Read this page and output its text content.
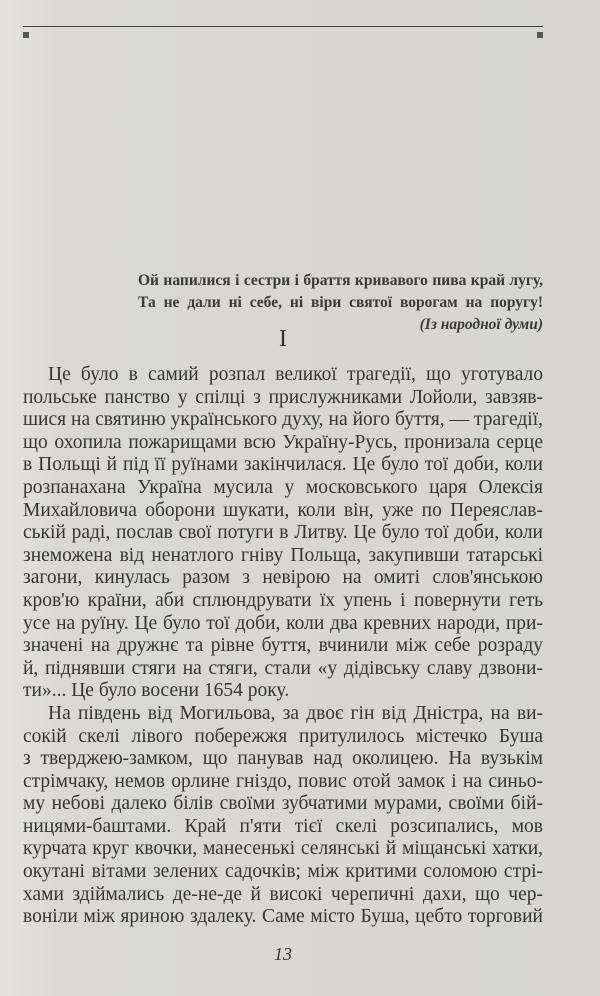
Ой напилися і сестри і браття кривавого пива край лугу,
Та не дали ні себе, ні віри святої ворогам на поругу!
(Із народної думи)
I
Це було в самий розпал великої трагедії, що уготувало
польське панство у спілці з прислужниками Лойоли, завзяв-
шися на святиню українського духу, на його буття, — трагедії,
що охопила пожарищами всю Україну-Русь, пронизала серце
в Польщі й під її руїнами закінчилася. Це було тої доби, коли
розпанахана Україна мусила у московського царя Олексія
Михайловича оборони шукати, коли він, уже по Переяслав-
ській раді, послав свої потуги в Литву. Це було тої доби, коли
знеможена від ненатлого гніву Польща, закупивши татарські
загони, кинулась разом з невірою на омиті слов'янською
кров'ю країни, аби сплюндрувати їх упень і повернути геть
усе на руїну. Це було тої доби, коли два кревних народи, при-
значені на дружнє та рівне буття, вчинили між себе розраду
й, піднявши стяги на стяги, стали «у дідівську славу дзвони-
ти»... Це було восени 1654 року.
На південь від Могильова, за двоє гін від Дністра, на ви-
сокій скелі лівого побережжя притулилось містечко Буша
з тверджею-замком, що панував над околицею. На вузькім
стрімчаку, немов орлине гніздо, повис отой замок і на синьо-
му небові далеко білів своїми зубчатими мурами, своїми бій-
ницями-баштами. Край п'яти тієї скелі розсипались, мов
курчата круг квочки, манесенькі селянські й міщанські хатки,
окутані вітами зелених садочків; між критими соломою стрі-
хами здіймались де-не-де й високі черепичні дахи, що чер-
воніли між яриною здалеку. Саме місто Буша, цебто торговий
13
